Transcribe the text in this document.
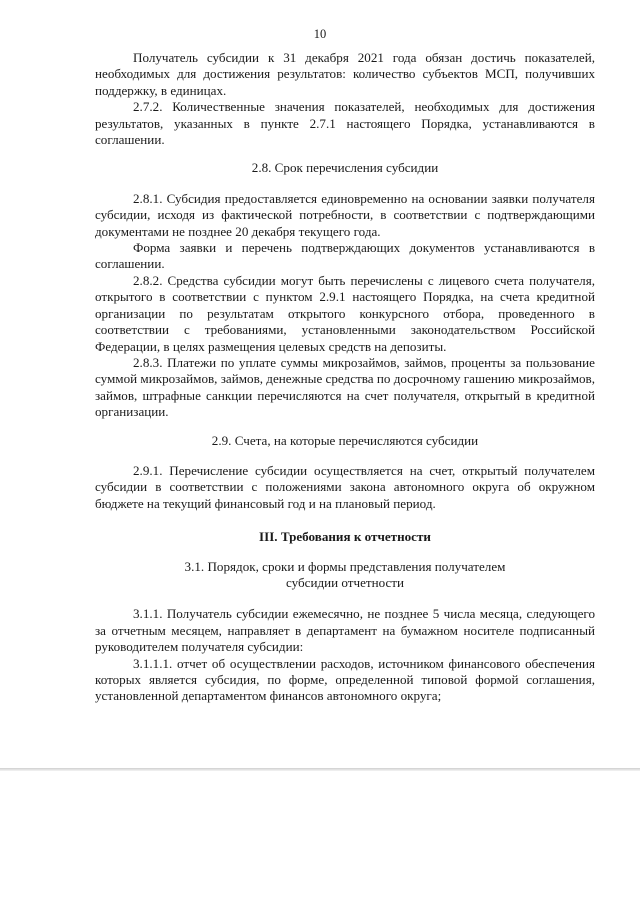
10

Получатель субсидии к 31 декабря 2021 года обязан достичь показателей, необходимых для достижения результатов: количество субъектов МСП, получивших поддержку, в единицах.

2.7.2. Количественные значения показателей, необходимых для достижения результатов, указанных в пункте 2.7.1 настоящего Порядка, устанавливаются в соглашении.

2.8. Срок перечисления субсидии

2.8.1. Субсидия предоставляется единовременно на основании заявки получателя субсидии, исходя из фактической потребности, в соответствии с подтверждающими документами не позднее 20 декабря текущего года.

Форма заявки и перечень подтверждающих документов устанавливаются в соглашении.

2.8.2. Средства субсидии могут быть перечислены с лицевого счета получателя, открытого в соответствии с пунктом 2.9.1 настоящего Порядка, на счета кредитной организации по результатам открытого конкурсного отбора, проведенного в соответствии с требованиями, установленными законодательством Российской Федерации, в целях размещения целевых средств на депозиты.

2.8.3. Платежи по уплате суммы микрозаймов, займов, проценты за пользование суммой микрозаймов, займов, денежные средства по досрочному гашению микрозаймов, займов, штрафные санкции перечисляются на счет получателя, открытый в кредитной организации.

2.9. Счета, на которые перечисляются субсидии

2.9.1. Перечисление субсидии осуществляется на счет, открытый получателем субсидии в соответствии с положениями закона автономного округа об окружном бюджете на текущий финансовый год и на плановый период.

III. Требования к отчетности
3.1. Порядок, сроки и формы представления получателем
субсидии отчетности

3.1.1. Получатель субсидии ежемесячно, не позднее 5 числа месяца, следующего за отчетным месяцем, направляет в департамент на бумажном носителе подписанный руководителем получателя субсидии:

3.1.1.1. отчет об осуществлении расходов, источником финансового обеспечения которых является субсидия, по форме, определенной типовой формой соглашения, установленной департаментом финансов автономного округа;
